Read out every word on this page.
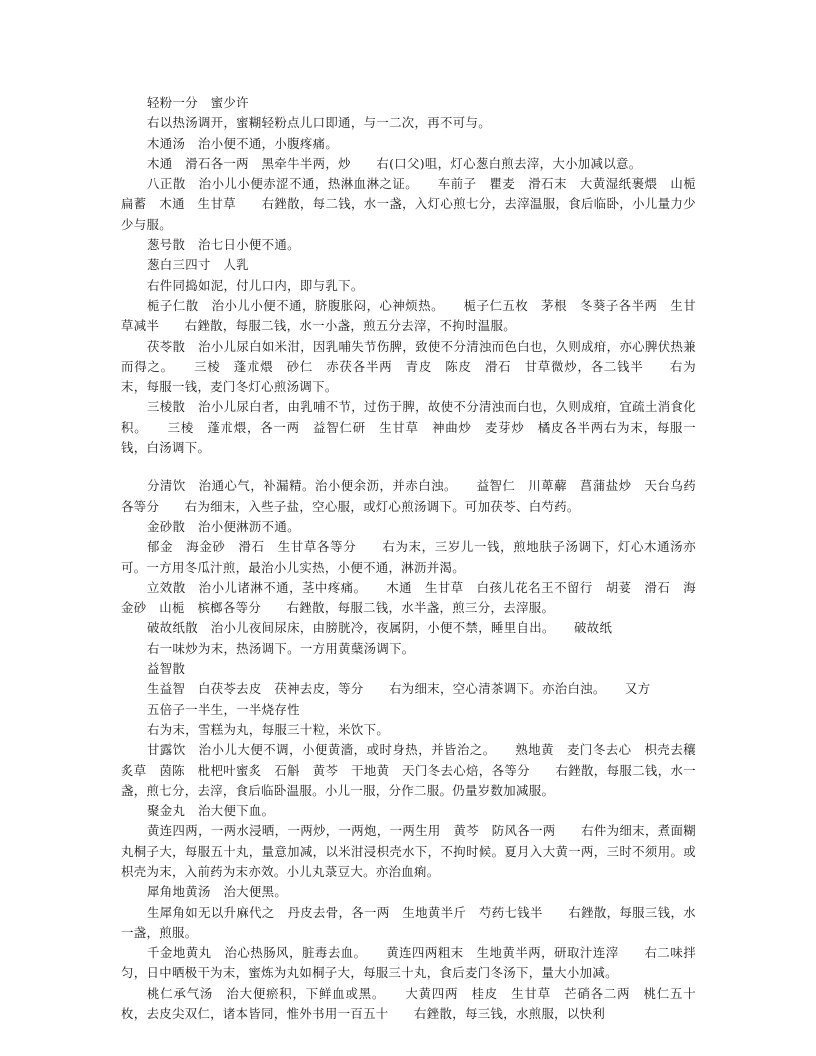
轻粉一分　蜜少许

右以热汤调开，蜜糊轻粉点儿口即通，与一二次，再不可与。

木通汤　治小便不通，小腹疼痛。

木通　滑石各一两　黑牵牛半两，炒　　右(口父)咀，灯心葱白煎去滓，大小加减以意。

八正散　治小儿小便赤涩不通，热淋血淋之证。　　车前子　瞿麦　滑石末　大黄湿纸裹煨　山栀　扁蓄　木通　生甘草　　右銼散，每二钱，水一盏，入灯心煎七分，去滓温服，食后临卧，小儿量力少少与服。

葱号散　治七日小便不通。

葱白三四寸　人乳

右件同捣如泥，付儿口内，即与乳下。

栀子仁散　治小儿小便不通，脐腹胀闷，心神烦热。　　栀子仁五枚　茅根　冬葵子各半两　生甘草减半　　右銼散，每服二钱，水一小盏，煎五分去滓，不拘时温服。

茯苓散　治小儿尿白如米泔，因乳哺失节伤脾，致使不分清浊而色白也，久则成疳，亦心脾伏热兼而得之。　　三棱　蓬朮煨　砂仁　赤茯各半两　青皮　陈皮　滑石　甘草微炒，各二钱半　　右为末，每服一钱，麦门冬灯心煎汤调下。

三棱散　治小儿尿白者，由乳哺不节，过伤于脾，故使不分清浊而白也，久则成疳，宜疏土消食化积。　　三棱　蓬朮煨，各一两　益智仁研　生甘草　神曲炒　麦芽炒　橘皮各半两右为末，每服一钱，白汤调下。

分清饮　治通心气，补漏精。治小便余沥，并赤白浊。　　益智仁　川萆薢　菖蒲盐炒　天台乌药各等分　　右为细末，入些子盐，空心服，或灯心煎汤调下。可加茯苓、白芍药。

金砂散　治小便淋沥不通。

郁金　海金砂　滑石　生甘草各等分　　右为末，三岁儿一钱，煎地肤子汤调下，灯心木通汤亦可。一方用冬瓜汁煎，最治小儿实热，小便不通，淋沥并渴。

立效散　治小儿诸淋不通，茎中疼痛。　　木通　生甘草　白孩儿花名王不留行　胡荽　滑石　海金砂　山栀　槟榔各等分　　右銼散，每服二钱，水半盏，煎三分，去滓服。

破故纸散　治小儿夜间尿床，由膀胱冷，夜属阴，小便不禁，睡里自出。　　破故纸

右一味炒为末，热汤调下。一方用黄蘖汤调下。

益智散

生益智　白茯苓去皮　茯神去皮，等分　　右为细末，空心清茶调下。亦治白浊。　　又方

五倍子一半生，一半烧存性

右为末，雪糕为丸，每服三十粒，米饮下。

甘露饮　治小儿大便不调，小便黄濇，或时身热，并皆治之。　　熟地黄　麦门冬去心　枳壳去穰　炙草　茵陈　枇杷叶蜜炙　石斛　黄芩　干地黄　天门冬去心焙，各等分　　右銼散，每服二钱，水一盏，煎七分，去滓，食后临卧温服。小儿一服，分作二服。仍量岁数加减服。

聚金丸　治大便下血。

黄连四两，一两水浸晒，一两炒，一两炮，一两生用　黄芩　防风各一两　　右件为细末，煮面糊丸桐子大，每服五十丸，量意加减，以米泔浸枳壳水下，不拘时候。夏月入大黄一两，三时不须用。或枳壳为末，入前药为末亦效。小儿丸菉豆大。亦治血痢。

犀角地黄汤　治大便黑。

生犀角如无以升麻代之　丹皮去骨，各一两　生地黄半斤　芍药七钱半　　右銼散，每服三钱，水一盏，煎服。

千金地黄丸　治心热肠风，脏毒去血。　　黄连四两粗末　生地黄半两，研取汁连滓　　右二味拌匀，日中晒极干为末，蜜炼为丸如桐子大，每服三十丸，食后麦门冬汤下，量大小加减。

桃仁承气汤　治大便瘀积，下鲜血或黑。　　大黄四两　桂皮　生甘草　芒硝各二两　桃仁五十枚，去皮尖双仁，诸本皆同，惟外书用一百五十　　右銼散，每三钱，水煎服，以快利
